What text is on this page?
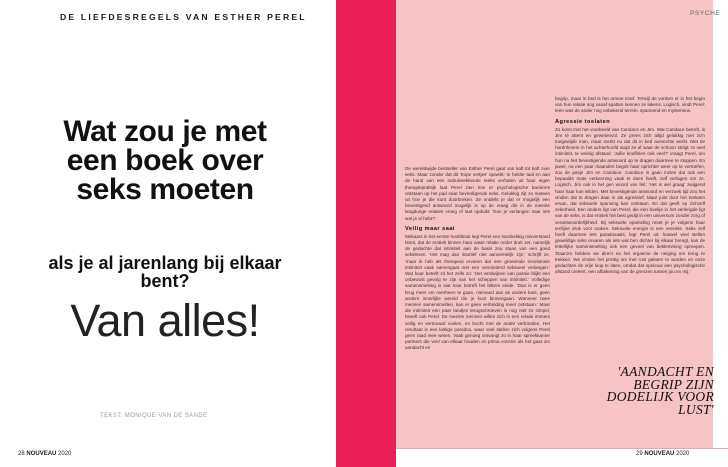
DE LIEFDESREGELS VAN ESTHER PEREL
Wat zou je met een boek over seks moeten
als je al jarenlang bij elkaar bent?
Van alles!
TEKST: MONIQUE VAN DE SANDE
28 NOUVEAU 2020
PSYCHE

De wereldwijde bestseller van Esther Perel gaat van kaft tot kaft over seks. Maar zonder dat dit 'trope vertjes' opwekt: In helder taal en aan de hand van een indrukwekkende reeks verhalen uit haar eigen therapiepraktijk laat Perel zien hoe er psychologische barrières ontstaan op het pad naar bevredigende seks. Gelukkig zijt ze meteen uit hoe je die kunt doorbreken. Ze ontdekt je dat er mogelijk een bevestigend antwoord mogelijk is op de vraag die in de meeste langdurige relaties vroeg of laat opduikt: 'Kan je verlangen naar iets wat je al hebt?'

Veilig maar saai

Mekaars in het eerste hoofdstuk legt Perel een hardnekkig misverstand bloot, dat de erotiek binnen haar vaste relatie onder druk zet, namelijk de gedachte dat intimiteit aan de basis zou staan van een goed seksleven. 'Het mag dan intuïtief niet aannemelijk zijn,' schrijft ze, 'maar ik heb als therapeut ervaren dat een groeiende emotionele intimiteit vaak samengaat met een verminderd seksueel verlangen.' Wat haar betreft zit het zelfs zo: 'Het verdwijnen van passie blijkt een onbewust gevolg te zijn van het scheppen van intimiteit.' Volledige samensmelting is wat haar betreft het bittere einde. 'Dan is er geen brug meer om overheen te gaan, niemand aan de andere kant, geen andere innerlijke wereld die je kunt binnengaan. Wanneer twee mensen samensmelten, kan er geen verbinding meer ontstaan.' Maar die intimiteit een paar tandjes terugschroeven is nog niet zo simpel, beseft ook Perel. De meeste mensen willen zich in een relatie immers veilig en vertrouwd voelen, en bocht met de ander verbonden. Het resultaat is een lastige paradox, waar veel stellen zich volgens Perel geen raad mee weten. Vaak genoeg ontvangt zo in haar spreekkamer partners die veel van elkaar houden en prima voorzie als het gaat om aandacht en

begrip, maar in bed is het armoe troef. Terwijl de vonken er in het begin van hun relatie nog vanaf spatten kennen ze lakens. Logisch, vindt Perel: teen was de ander nog onbekend terrein, spannend en mysterieus.

Agressie toelaten

Zo komt met het voorbeeld van Candace en Jim. Wat Candace betreft, is Jim té attent en gewetenvol. Ze prees zich altijd gelukkig met zo'n toegewijde man, maar merkt nu dat dit in bed averechts werkt. Met de hardnhoerie in het achterhoofd stapt ze af waar de schoon striigt: te veel intimiteit, te weinig afstand. 'Jullie knuffelen ook veel?' vraagt Perel, om hun na het bevestigende antwoord op te dragen daarmee te stoppen. En jawel, na een paar maanden begint haar oprichter weer op te vertoefen, zou de pasje Jim en Candace. Candace is gaan inzien dat ook een bepaalde mate verkenning vaak te doen heeft, zelf verlagen om ze. Logisch, Jim ook in het gen woord van feit: 'Het is wel graag' zwijgend haar haar kan wilden. Met bevestigende antwoord en verzoek tijd zou het vinden dat te dragen daar in als agressief. Maar juist door het toelaten ervan, dat seksuele spanning kan ontstaan. En dat geeft op zichzelf zekerheid. Een anders ligt van Perel, die een boekje in het verlengde ligt van de seks, is dat erotiek het best gedijt in een universum zonder zorg of verantwoordelijkheid. Bij seksuele opwinding moet je je volgens haar tenfijne druk voor maken. Seksuele energie is een vereiste. Seks zelf heeft daarmee iets paradoxaals, legt Perel uit: hoewel veel stellen geweldige seks ervaren als iets wat ben dichter bij elkaar brengt, kan de letterlijke samensmelting ook een gevoel van beklemming oproepen. 'Daarom hebben we direct na het orgasme de neiging om terug te trekken. We vinden het prettig om met rust gelaten te worden en onze gedachten de vrije loop te laten, omdat dat opnieuw een psychologische afstand creëert, een afbakening van de grenzen tussen jou en mij.'

'AANDACHT EN BEGRIP ZIJN DODELIJK VOOR LUST'
29 NOUVEAU 2020
